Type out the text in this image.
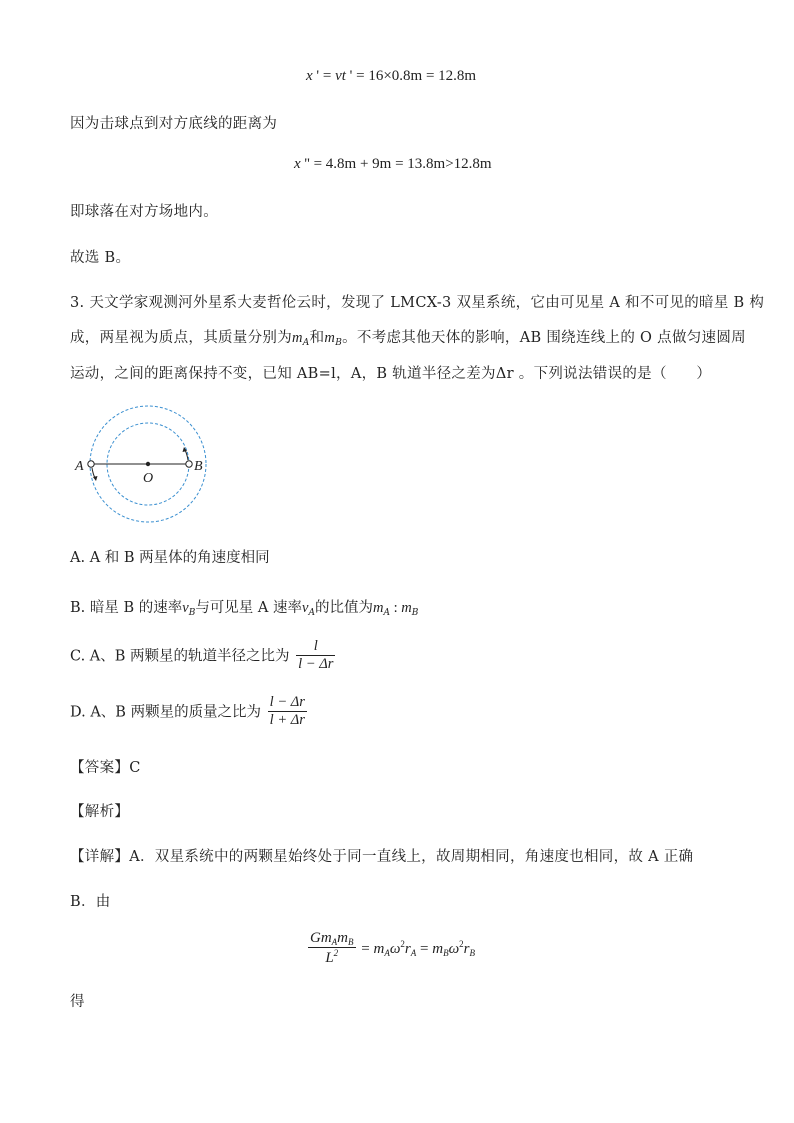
x ' = vt ' = 16×0.8m = 12.8m
因为击球点到对方底线的距离为
x '' = 4.8m + 9m = 13.8m>12.8m
即球落在对方场地内。
故选 B。
3. 天文学家观测河外星系大麦哲伦云时，发现了 LMCX-3 双星系统，它由可见星 A 和不可见的暗星 B 构
成，两星视为质点，其质量分别为$m_A$和$m_B$。不考虑其他天体的影响，AB 围绕连线上的 O 点做匀速圆周
运动，之间的距离保持不变，已知 AB=l，A，B 轨道半径之差为Δr 。下列说法错误的是（　　）
A	B
O
A. A 和 B 两星体的角速度相同
B. 暗星 B 的速率$v_B$与可见星 A 速率$v_A$的比值为$m_A$ : $m_B$
C. A、B 两颗星的轨道半径之比为 $\frac{l}{l - \Delta r}$
D. A、B 两颗星的质量之比为 $\frac{l - \Delta r}{l + \Delta r}$
【答案】C
【解析】
【详解】A．双星系统中的两颗星始终处于同一直线上，故周期相同，角速度也相同，故 A 正确
B．由
$\frac{Gm_Am_B}{L^2} = m_A\omega^2r_A = m_B\omega^2r_B$
得
